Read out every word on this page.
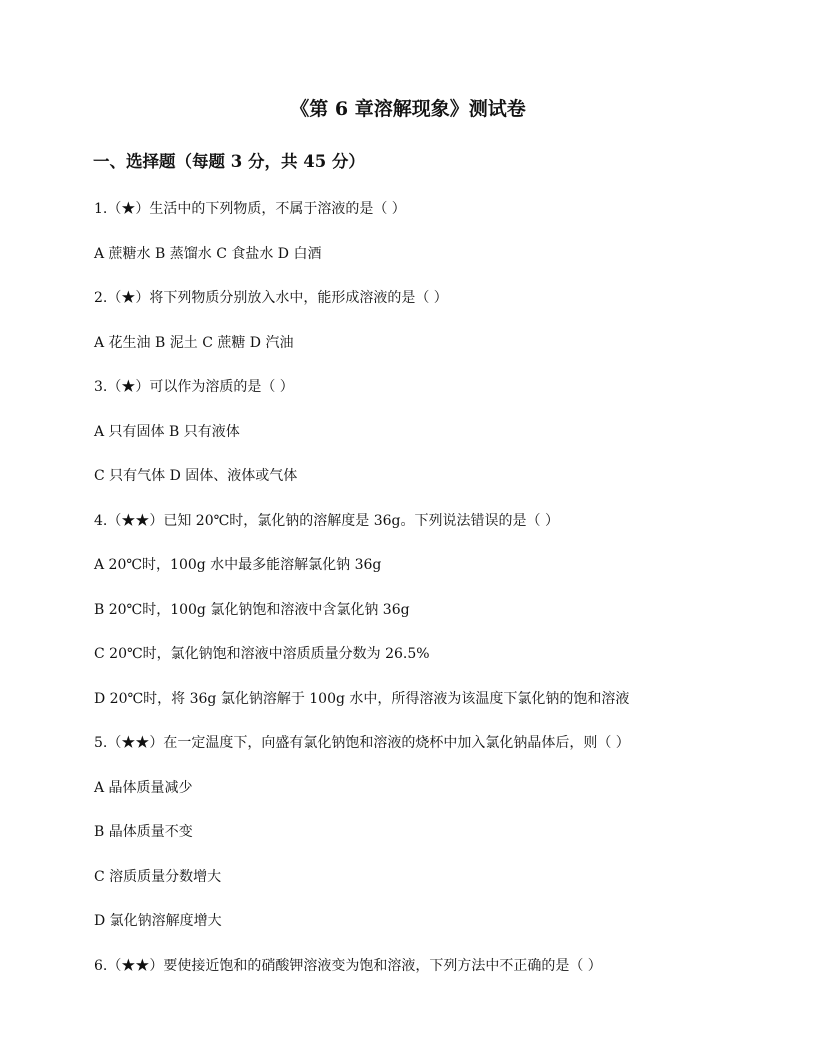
《第 6 章溶解现象》测试卷
一、选择题（每题 3 分，共 45 分）
1.（★）生活中的下列物质，不属于溶液的是（ ）
A 蔗糖水 B 蒸馏水 C 食盐水 D 白酒
2.（★）将下列物质分别放入水中，能形成溶液的是（ ）
A 花生油 B 泥土 C 蔗糖 D 汽油
3.（★）可以作为溶质的是（ ）
A 只有固体 B 只有液体
C 只有气体 D 固体、液体或气体
4.（★★）已知 20℃时，氯化钠的溶解度是 36g。下列说法错误的是（ ）
A 20℃时，100g 水中最多能溶解氯化钠 36g
B 20℃时，100g 氯化钠饱和溶液中含氯化钠 36g
C 20℃时，氯化钠饱和溶液中溶质质量分数为 26.5%
D 20℃时，将 36g 氯化钠溶解于 100g 水中，所得溶液为该温度下氯化钠的饱和溶液
5.（★★）在一定温度下，向盛有氯化钠饱和溶液的烧杯中加入氯化钠晶体后，则（ ）
A 晶体质量减少
B 晶体质量不变
C 溶质质量分数增大
D 氯化钠溶解度增大
6.（★★）要使接近饱和的硝酸钾溶液变为饱和溶液，下列方法中不正确的是（ ）
